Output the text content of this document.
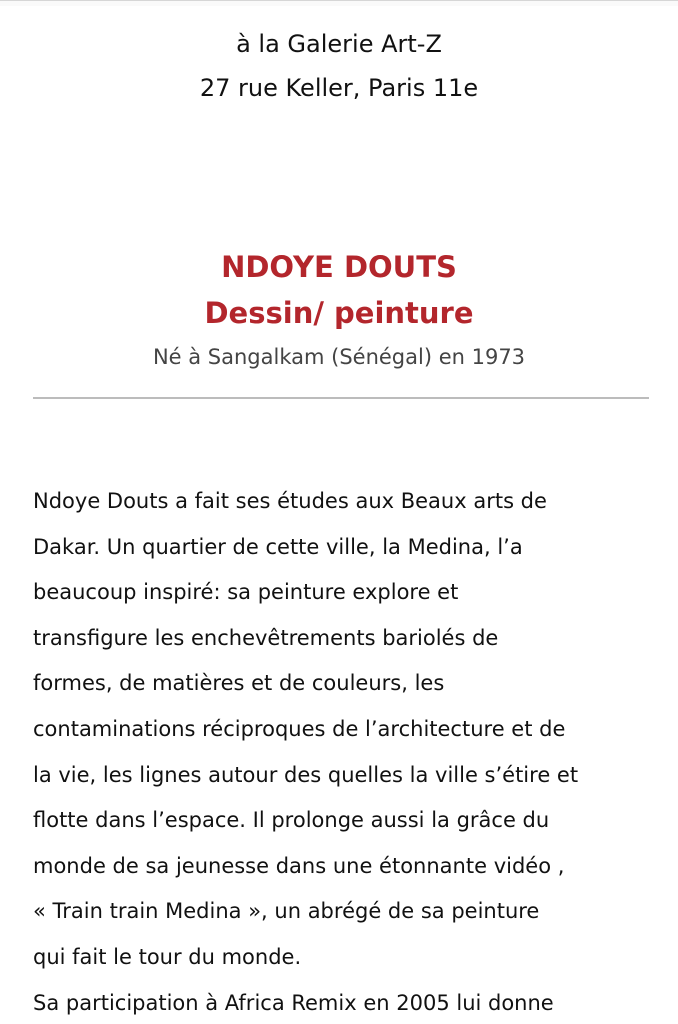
à la Galerie Art-Z
27 rue Keller, Paris 11e
NDOYE DOUTS
Dessin/ peinture
Né à Sangalkam (Sénégal) en 1973
Ndoye Douts a fait ses études aux Beaux arts de
Dakar. Un quartier de cette ville, la Medina, l’a
beaucoup inspiré: sa peinture explore et
transfigure les enchevêtrements bariolés de
formes, de matières et de couleurs, les
contaminations réciproques de l’architecture et de
la vie, les lignes autour des quelles la ville s’étire et
flotte dans l’espace. Il prolonge aussi la grâce du
monde de sa jeunesse dans une étonnante vidéo ,
« Train train Medina », un abrégé de sa peinture
qui fait le tour du monde.
Sa participation à Africa Remix en 2005 lui donne
